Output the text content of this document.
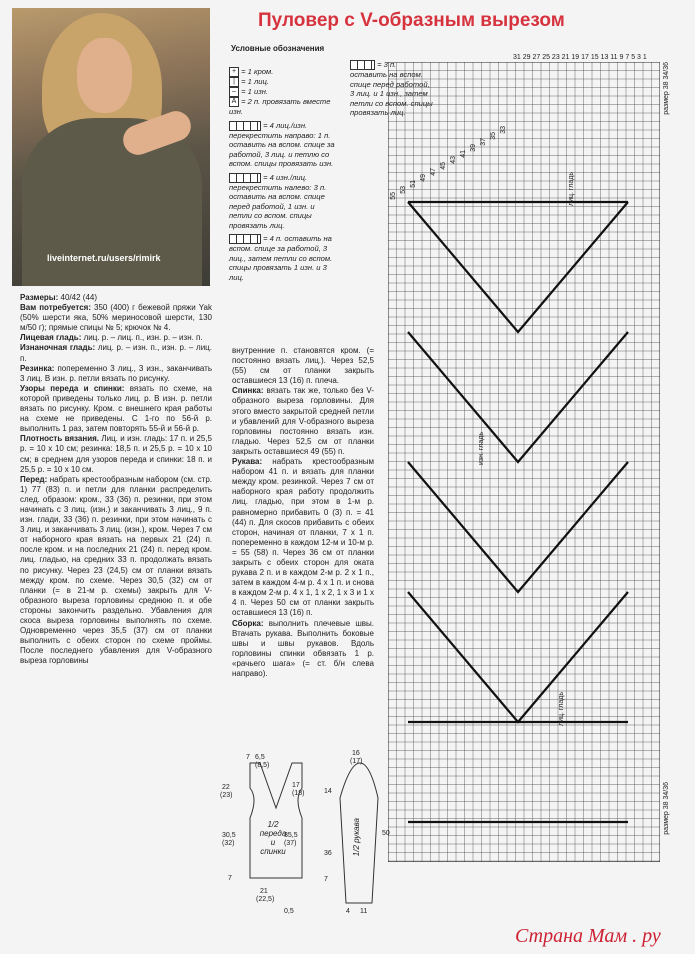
liveinternet.ru/users/rimirk
Пуловер с V-образным вырезом
Условные обозначения
+ = 1 кром.
| = 1 лиц.
– = 1 изн.
A = 2 п. провязать вместе изн.
= 4 лиц./изн. перекрестить направо: 1 п. оставить на вспом. спице за работой, 3 лиц. и петлю со вспом. спицы провязать изн.
= 4 изн./лиц. перекрестить налево: 3 п. оставить на вспом. спице перед работой, 1 изн. и петли со вспом. спицы провязать лиц.
= 4 п. оставить на вспом. спице за работой, 3 лиц., затем петли со вспом. спицы провязать 1 изн. и 3 лиц.
= 3 п. оставить на вспом. спице перед работой, 3 лиц. и 1 изн., затем петли со вспом. спицы провязать лиц.

Размеры: 40/42 (44)

Вам потребуется: 350 (400) г бежевой пряжи Yak (50% шерсти яка, 50% мериносовой шерсти, 130 м/50 г); прямые спицы № 5; крючок № 4.

Лицевая гладь: лиц. р. – лиц. п., изн. р. – изн. п.

Изнаночная гладь: лиц. р. – изн. п., изн. р. – лиц. п.

Резинка: попеременно 3 лиц., 3 изн., заканчивать 3 лиц. В изн. р. петли вязать по рисунку.

Узоры переда и спинки: вязать по схеме, на которой приведены только лиц. р. В изн. р. петли вязать по рисунку. Кром. с внешнего края работы на схеме не приведены. С 1-го по 56-й р. выполнить 1 раз, затем повторять 55-й и 56-й р.

Плотность вязания. Лиц. и изн. гладь: 17 п. и 25,5 р. = 10 х 10 см; резинка: 18,5 п. и 25,5 р. = 10 х 10 см; в среднем для узоров переда и спинки: 18 п. и 25,5 р. = 10 х 10 см.

Перед: набрать крестообразным набором (см. стр. 1) 77 (83) п. и петли для планки распределить след. образом: кром., 33 (36) п. резинки, при этом начинать с 3 лиц. (изн.) и заканчивать 3 лиц., 9 п. изн. глади, 33 (36) п. резинки, при этом начинать с 3 лиц. и заканчивать 3 лиц. (изн.), кром. Через 7 см от наборного края вязать на первых 21 (24) п. после кром. и на последних 21 (24) п. перед кром. лиц. гладью, на средних 33 п. продолжать вязать по рисунку. Через 23 (24,5) см от планки вязать между кром. по схеме. Через 30,5 (32) см от планки (= в 21-м р. схемы) закрыть для V-образного выреза горловины среднюю п. и обе стороны закончить раздельно. Убавления для скоса выреза горловины выполнять по схеме. Одновременно через 35,5 (37) см от планки выполнить с обеих сторон по схеме проймы. После последнего убавления для V-образного выреза горловины

внутренние п. становятся кром. (= постоянно вязать лиц.). Через 52,5 (55) см от планки закрыть оставшиеся 13 (16) п. плеча.

Спинка: вязать так же, только без V-образного выреза горловины. Для этого вместо закрытой средней петли и убавлений для V-образного выреза горловины постоянно вязать изн. гладью. Через 52,5 см от планки закрыть оставшиеся 49 (55) п.

Рукава: набрать крестообразным набором 41 п. и вязать для планки между кром. резинкой. Через 7 см от наборного края работу продолжить лиц. гладью, при этом в 1-м р. равномерно прибавить 0 (3) п. = 41 (44) п. Для скосов прибавить с обеих сторон, начиная от планки, 7 х 1 п. попеременно в каждом 12-м и 10-м р. = 55 (58) п. Через 36 см от планки закрыть с обеих сторон для оката рукава 2 п. и в каждом 2-м р. 2 х 1 п., затем в каждом 4-м р. 4 х 1 п. и снова в каждом 2-м р. 4 х 1, 1 х 2, 1 х 3 и 1 х 4 п. Через 50 см от планки закрыть оставшиеся 13 (16) п.

Сборка: выполнить плечевые швы. Втачать рукава. Выполнить боковые швы и швы рукавов. Вдоль горловины спинки обвязать 1 р. «рачьего шага» (= ст. б/н слева направо).

31 29 27 25 23 21 19 17 15 13 11 9 7 5 3 1
лиц. гладь
изн. гладь
лиц. гладь
размер 38 34/36
размер 38 34/36
55
53
51
49
47
45
43
41
39
37
35
33
7 6,5
(8,5)
22
(23)
30,5
(32)
17
(18)
35,5
(37)
21
(22,5)
0,5
7
1/2 переда и спинки
16
(17)
14
36
50
4 11
7
1/2 рукава
Страна Мам . ру
